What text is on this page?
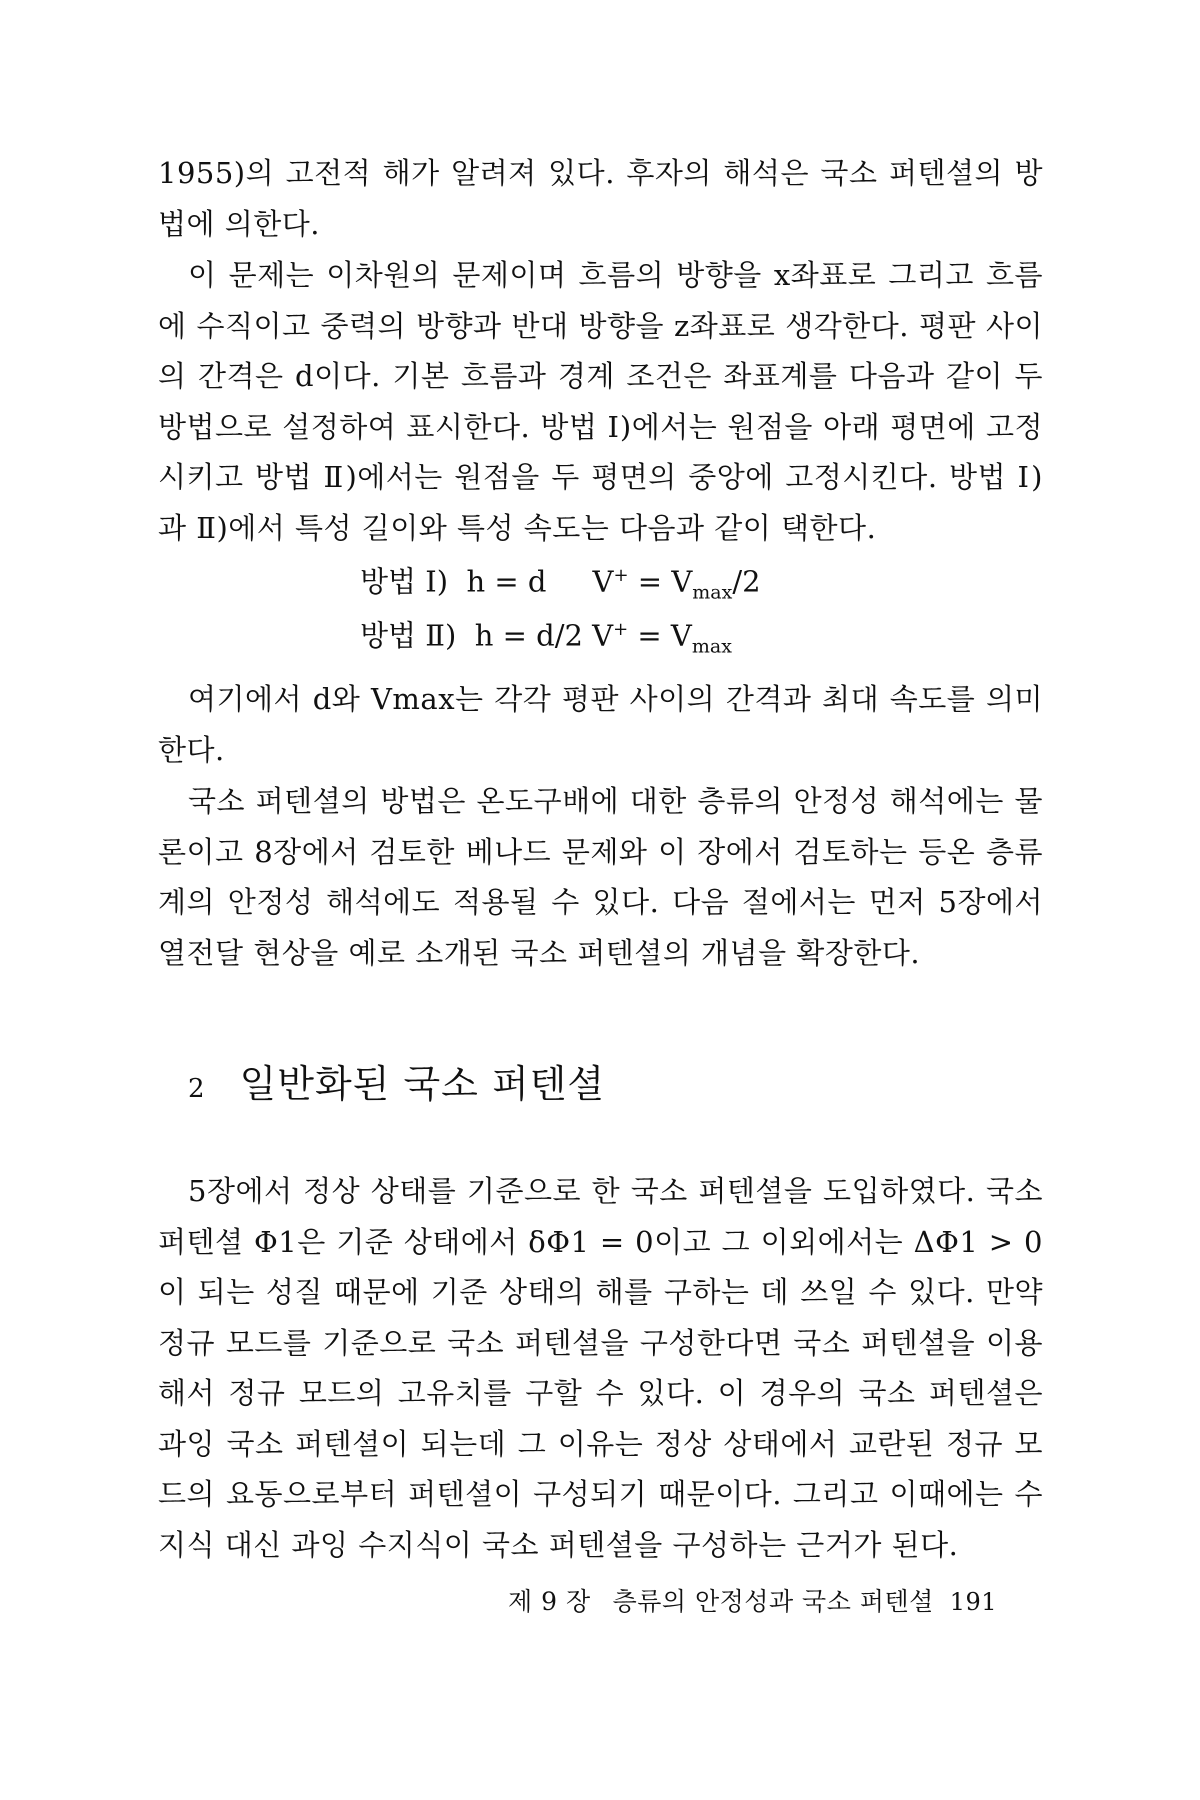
1955)의 고전적 해가 알려져 있다. 후자의 해석은 국소 퍼텐셜의 방법에 의한다.

이 문제는 이차원의 문제이며 흐름의 방향을 x좌표로 그리고 흐름에 수직이고 중력의 방향과 반대 방향을 z좌표로 생각한다. 평판 사이의 간격은 d이다. 기본 흐름과 경계 조건은 좌표계를 다음과 같이 두 방법으로 설정하여 표시한다. 방법 Ⅰ)에서는 원점을 아래 평면에 고정시키고 방법 Ⅱ)에서는 원점을 두 평면의 중앙에 고정시킨다. 방법 Ⅰ)과 Ⅱ)에서 특성 길이와 특성 속도는 다음과 같이 택한다.

방법 Ⅰ) h = d $V^+ = V_{max}/2$
방법 Ⅱ) h = d/2 $V^+ = V_{max}$

여기에서 d와 Vmax는 각각 평판 사이의 간격과 최대 속도를 의미한다.

국소 퍼텐셜의 방법은 온도구배에 대한 층류의 안정성 해석에는 물론이고 8장에서 검토한 베나드 문제와 이 장에서 검토하는 등온 층류계의 안정성 해석에도 적용될 수 있다. 다음 절에서는 먼저 5장에서 열전달 현상을 예로 소개된 국소 퍼텐셜의 개념을 확장한다.

2 일반화된 국소 퍼텐셜

5장에서 정상 상태를 기준으로 한 국소 퍼텐셜을 도입하였다. 국소퍼텐셜 Φ1은 기준 상태에서 δΦ1 = 0이고 그 이외에서는 ΔΦ1 > 0이 되는 성질 때문에 기준 상태의 해를 구하는 데 쓰일 수 있다. 만약 정규 모드를 기준으로 국소 퍼텐셜을 구성한다면 국소 퍼텐셜을 이용해서 정규 모드의 고유치를 구할 수 있다. 이 경우의 국소 퍼텐셜은 과잉 국소 퍼텐셜이 되는데 그 이유는 정상 상태에서 교란된 정규 모드의 요동으로부터 퍼텐셜이 구성되기 때문이다. 그리고 이때에는 수지식 대신 과잉 수지식이 국소 퍼텐셜을 구성하는 근거가 된다.

제 9 장 층류의 안정성과 국소 퍼텐셜 191
